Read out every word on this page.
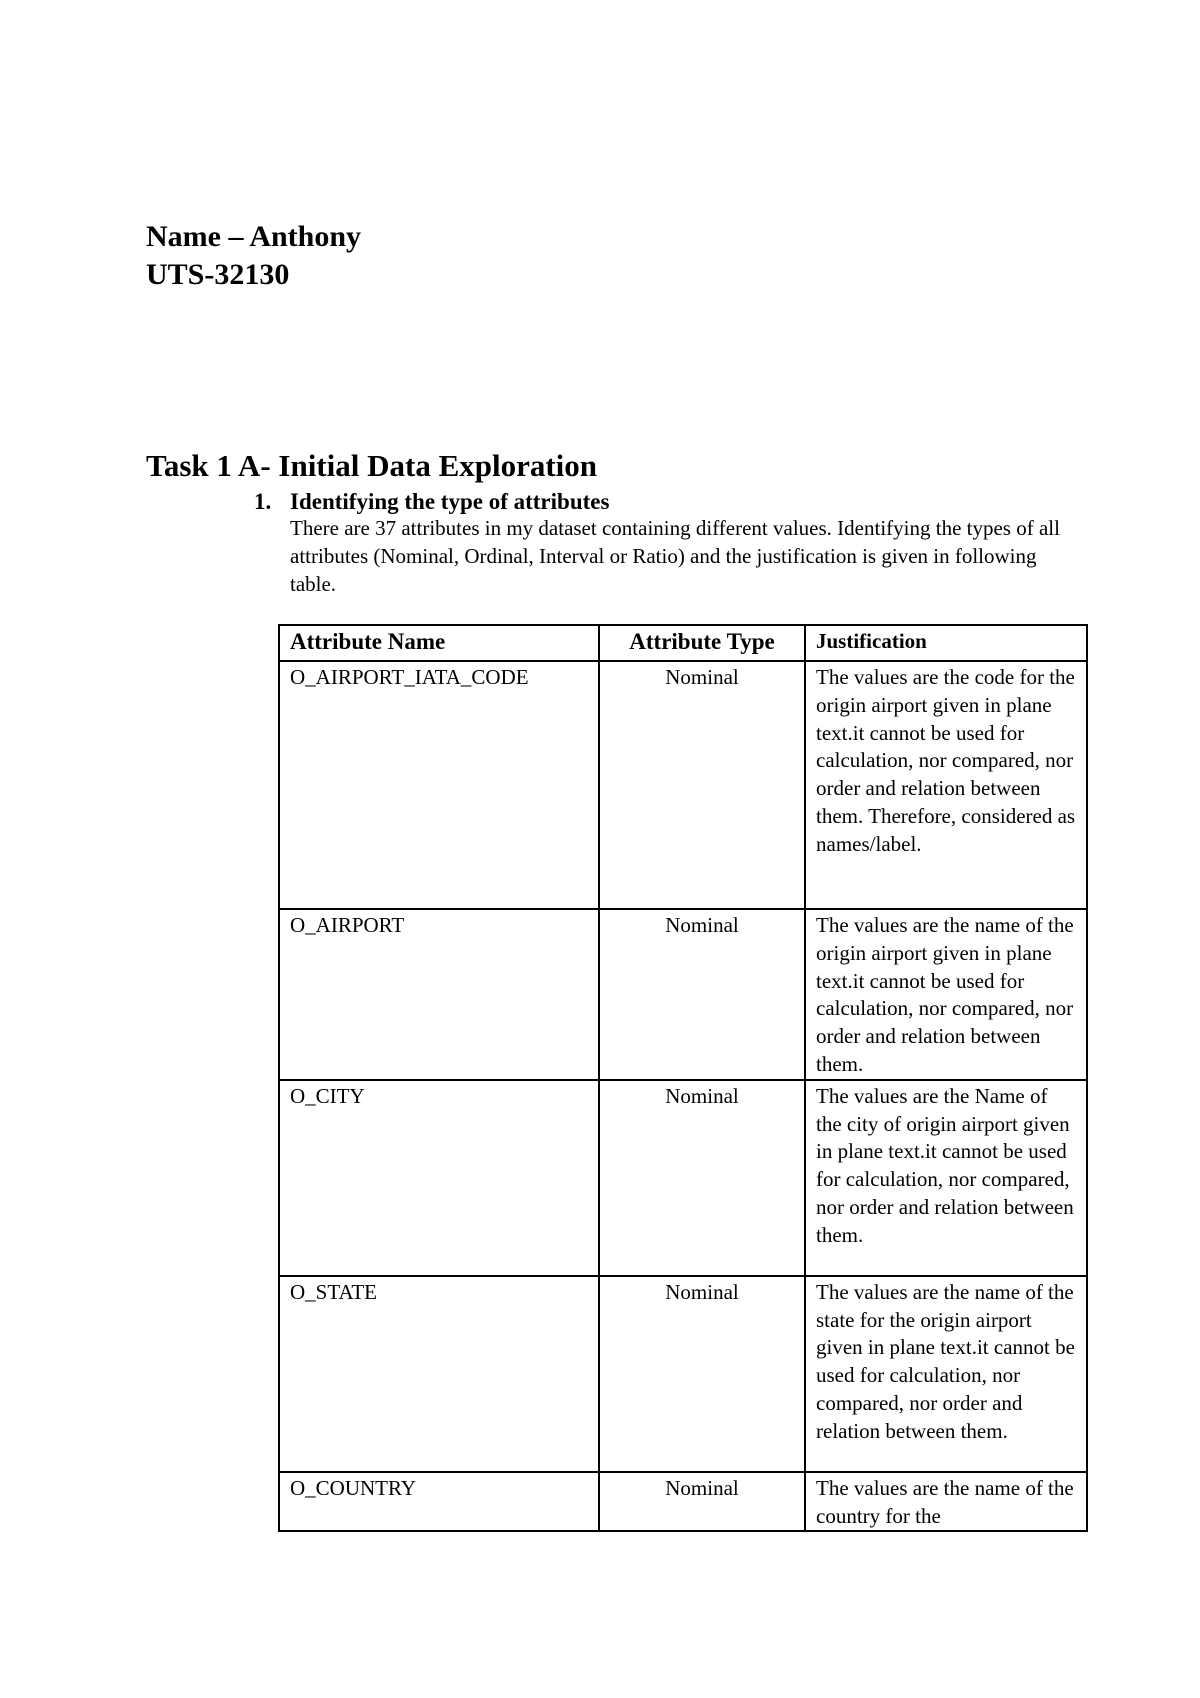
Name – Anthony
UTS-32130
Task 1 A- Initial Data Exploration
1. Identifying the type of attributes
There are 37 attributes in my dataset containing different values. Identifying the types of all attributes (Nominal, Ordinal, Interval or Ratio) and the justification is given in following table.
Attribute Name	Attribute Type	Justification
O_AIRPORT_IATA_CODE	Nominal	The values are the code for the origin airport given in plane text.it cannot be used for calculation, nor compared, nor order and relation between them. Therefore, considered as names/label.
O_AIRPORT	Nominal	The values are the name of the origin airport given in plane text.it cannot be used for calculation, nor compared, nor order and relation between them.
O_CITY	Nominal	The values are the Name of the city of origin airport given in plane text.it cannot be used for calculation, nor compared, nor order and relation between them.
O_STATE	Nominal	The values are the name of the state for the origin airport given in plane text.it cannot be used for calculation, nor compared, nor order and relation between them.
O_COUNTRY	Nominal	The values are the name of the country for the
